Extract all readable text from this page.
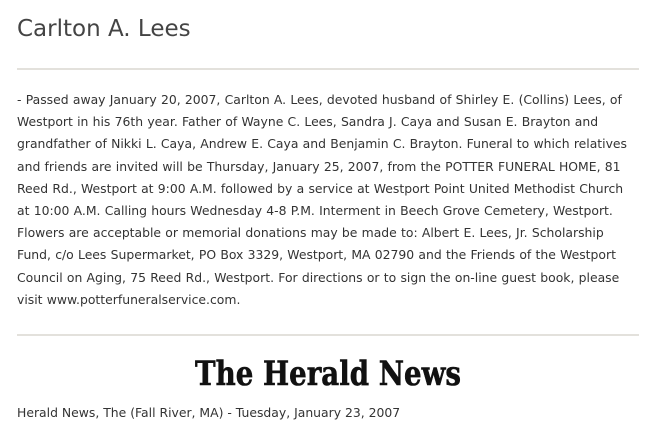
Carlton A. Lees

- Passed away January 20, 2007, Carlton A. Lees, devoted husband of Shirley E. (Collins) Lees, of Westport in his 76th year. Father of Wayne C. Lees, Sandra J. Caya and Susan E. Brayton and grandfather of Nikki L. Caya, Andrew E. Caya and Benjamin C. Brayton. Funeral to which relatives and friends are invited will be Thursday, January 25, 2007, from the POTTER FUNERAL HOME, 81 Reed Rd., Westport at 9:00 A.M. followed by a service at Westport Point United Methodist Church at 10:00 A.M. Calling hours Wednesday 4-8 P.M. Interment in Beech Grove Cemetery, Westport. Flowers are acceptable or memorial donations may be made to: Albert E. Lees, Jr. Scholarship Fund, c/o Lees Supermarket, PO Box 3329, Westport, MA 02790 and the Friends of the Westport Council on Aging, 75 Reed Rd., Westport. For directions or to sign the on-line guest book, please visit www.potterfuneralservice.com.

The Herald News

Herald News, The (Fall River, MA) - Tuesday, January 23, 2007
